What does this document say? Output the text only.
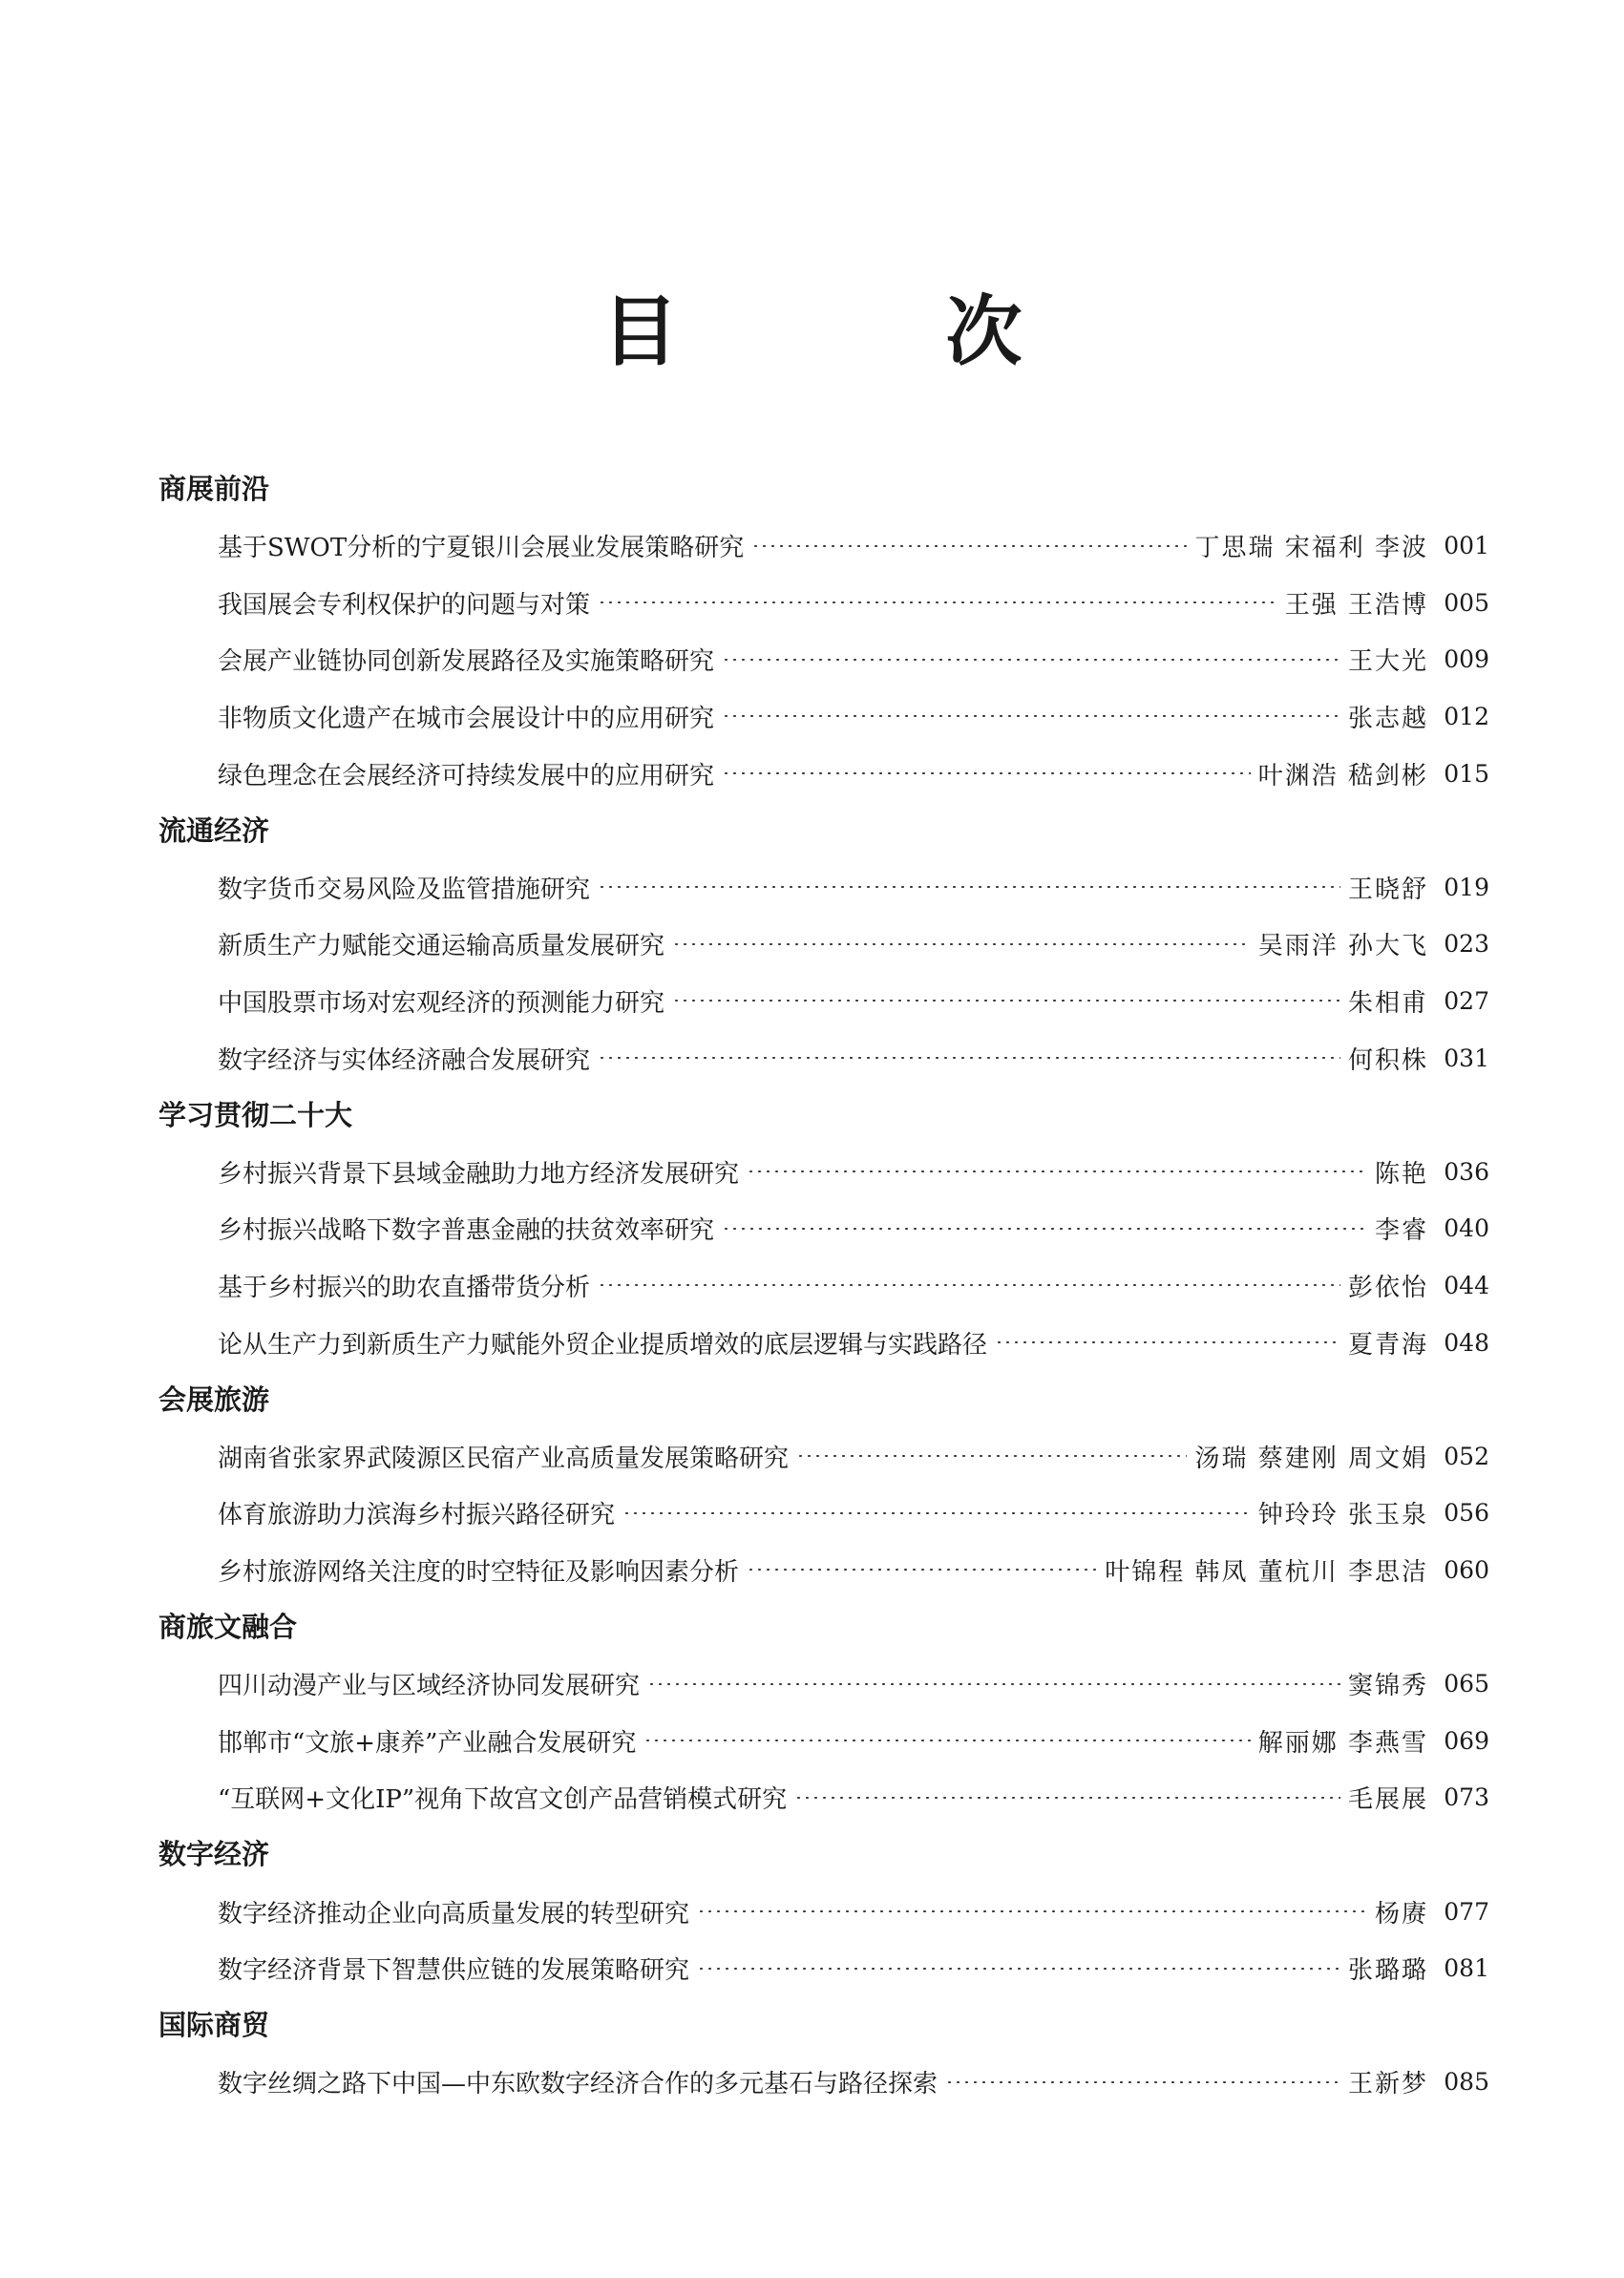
目　次
商展前沿
基于SWOT分析的宁夏银川会展业发展策略研究	丁思瑞 宋福利 李波 001
我国展会专利权保护的问题与对策	王强 王浩博 005
会展产业链协同创新发展路径及实施策略研究	王大光 009
非物质文化遗产在城市会展设计中的应用研究	张志越 012
绿色理念在会展经济可持续发展中的应用研究	叶渊浩 嵇剑彬 015
流通经济
数字货币交易风险及监管措施研究	王晓舒 019
新质生产力赋能交通运输高质量发展研究	吴雨洋 孙大飞 023
中国股票市场对宏观经济的预测能力研究	朱相甫 027
数字经济与实体经济融合发展研究	何积株 031
学习贯彻二十大
乡村振兴背景下县域金融助力地方经济发展研究	陈艳 036
乡村振兴战略下数字普惠金融的扶贫效率研究	李睿 040
基于乡村振兴的助农直播带货分析	彭依怡 044
论从生产力到新质生产力赋能外贸企业提质增效的底层逻辑与实践路径	夏青海 048
会展旅游
湖南省张家界武陵源区民宿产业高质量发展策略研究	汤瑞 蔡建刚 周文娟 052
体育旅游助力滨海乡村振兴路径研究	钟玲玲 张玉泉 056
乡村旅游网络关注度的时空特征及影响因素分析	叶锦程 韩凤 董杭川 李思洁 060
商旅文融合
四川动漫产业与区域经济协同发展研究	窦锦秀 065
邯郸市“文旅+康养”产业融合发展研究	解丽娜 李燕雪 069
“互联网+文化IP”视角下故宫文创产品营销模式研究	毛展展 073
数字经济
数字经济推动企业向高质量发展的转型研究	杨赓 077
数字经济背景下智慧供应链的发展策略研究	张璐璐 081
国际商贸
数字丝绸之路下中国—中东欧数字经济合作的多元基石与路径探索	王新梦 085
